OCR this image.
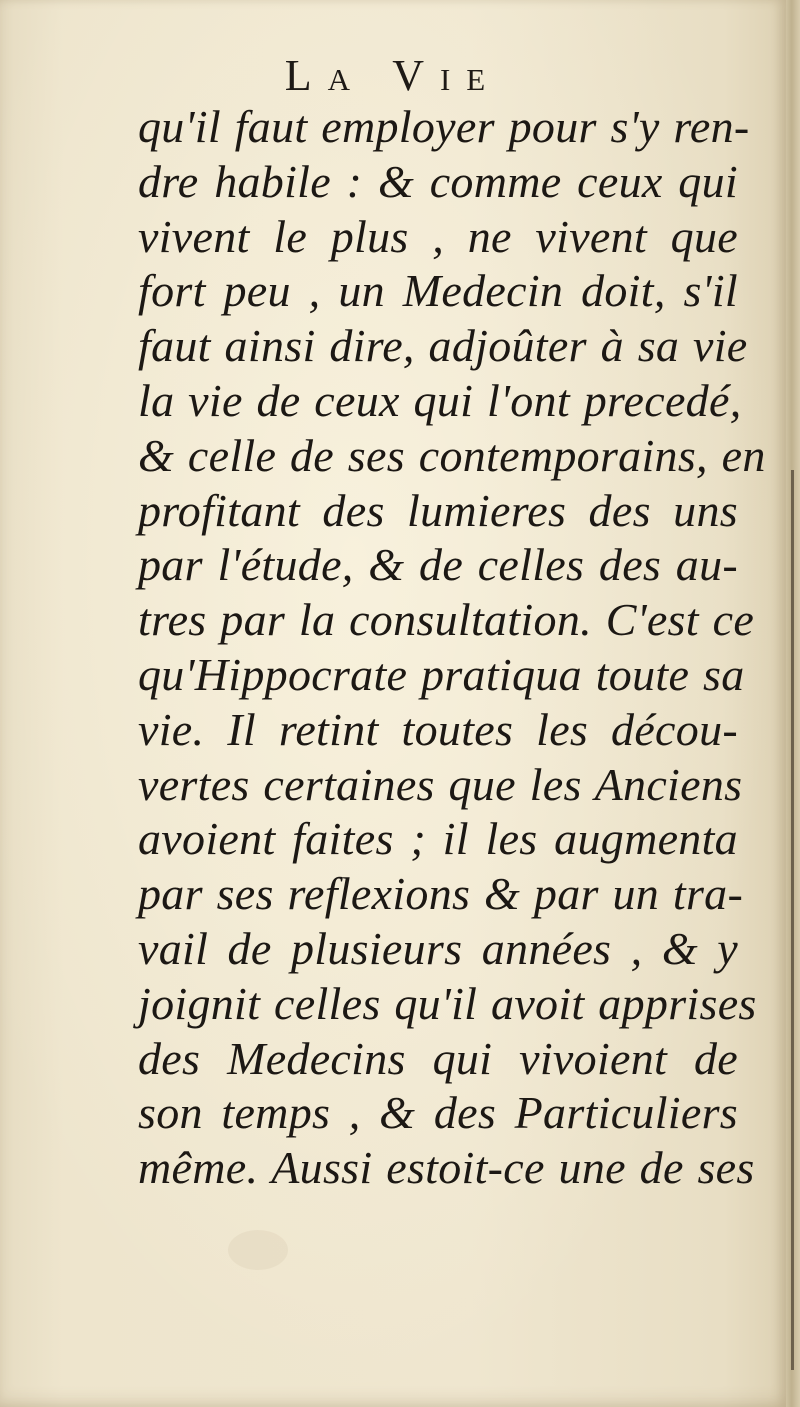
La Vie
qu'il faut employer pour s'y ren-
dre habile : & comme ceux qui
vivent le plus , ne vivent que
fort peu , un Medecin doit, s'il
faut ainsi dire, adjoûter à sa vie
la vie de ceux qui l'ont precedé,
& celle de ses contemporains, en
profitant des lumieres des uns
par l'étude, & de celles des au-
tres par la consultation. C'est ce
qu'Hippocrate pratiqua toute sa
vie. Il retint toutes les décou-
vertes certaines que les Anciens
avoient faites ; il les augmenta
par ses reflexions & par un tra-
vail de plusieurs années , & y
joignit celles qu'il avoit apprises
des Medecins qui vivoient de
son temps , & des Particuliers
même. Aussi estoit-ce une de ses
